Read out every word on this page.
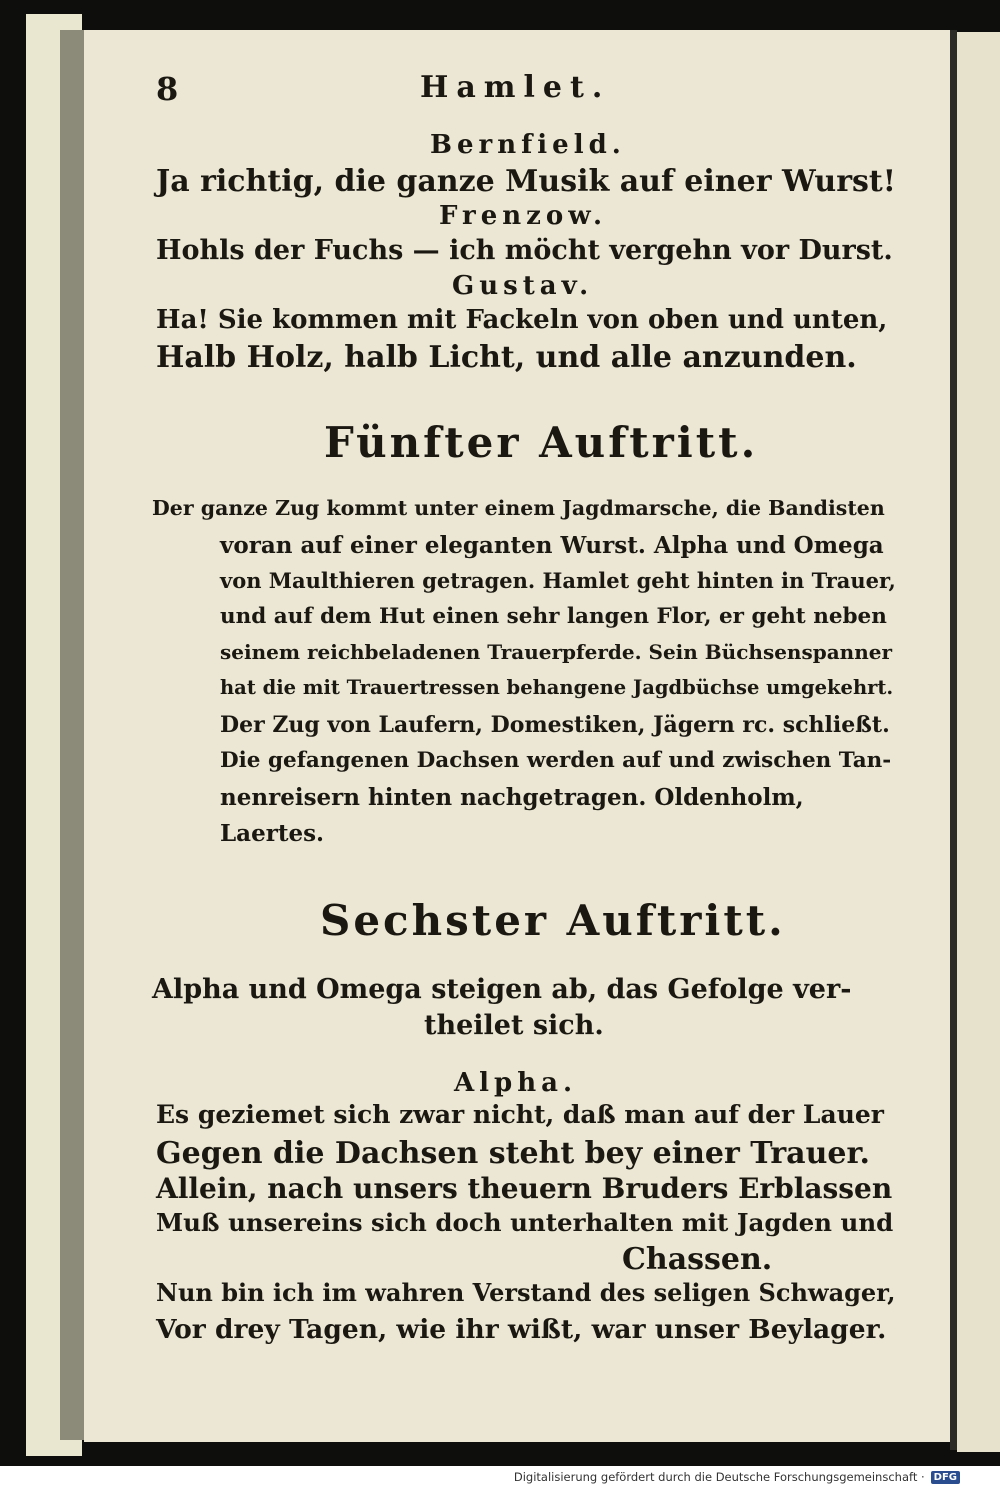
8	Hamlet.
Bernfield.
Ja richtig, die ganze Musik auf einer Wurst!
Frenzow.
Hohls der Fuchs — ich möcht vergehn vor Durst.
Gustav.
Ha! Sie kommen mit Fackeln von oben und unten,
Halb Holz, halb Licht, und alle anzunden.
Fünfter Auftritt.
Der ganze Zug kommt unter einem Jagdmarsche, die Bandisten
voran auf einer eleganten Wurst. Alpha und Omega
von Maulthieren getragen. Hamlet geht hinten in Trauer,
und auf dem Hut einen sehr langen Flor, er geht neben
seinem reichbeladenen Trauerpferde. Sein Büchsenspanner
hat die mit Trauertressen behangene Jagdbüchse umgekehrt.
Der Zug von Laufern, Domestiken, Jägern rc. schließt.
Die gefangenen Dachsen werden auf und zwischen Tan-
nenreisern hinten nachgetragen. Oldenholm,
Laertes.
Sechster Auftritt.
Alpha und Omega steigen ab, das Gefolge ver-
theilet sich.
Alpha.
Es geziemet sich zwar nicht, daß man auf der Lauer
Gegen die Dachsen steht bey einer Trauer.
Allein, nach unsers theuern Bruders Erblassen
Muß unsereins sich doch unterhalten mit Jagden und
Chassen.
Nun bin ich im wahren Verstand des seligen Schwager,
Vor drey Tagen, wie ihr wißt, war unser Beylager.
Digitalisierung gefördert durch die Deutsche Forschungsgemeinschaft · DFG
